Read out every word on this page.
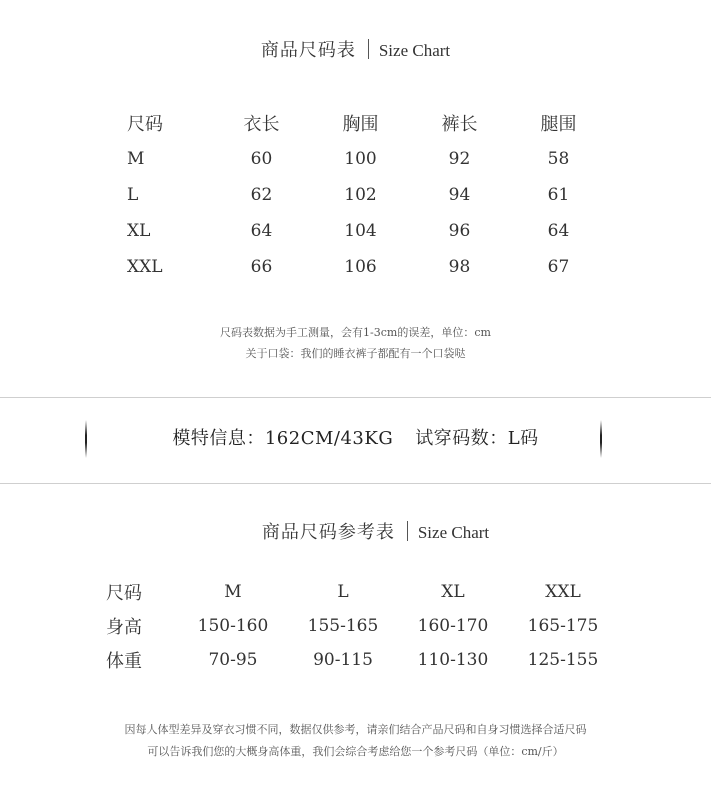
商品尺码表 Size Chart
尺码	衣长	胸围	裤长	腿围
M	60	100	92	58
L	62	102	94	61
XL	64	104	96	64
XXL	66	106	98	67
尺码表数据为手工测量，会有1-3cm的误差，单位：cm
关于口袋：我们的睡衣裤子都配有一个口袋哒
模特信息：162CM/43KG 试穿码数：L码
商品尺码参考表 Size Chart
尺码	M	L	XL	XXL
身高	150-160	155-165	160-170	165-175
体重	70-95	90-115	110-130	125-155
因每人体型差异及穿衣习惯不同，数据仅供参考，请亲们结合产品尺码和自身习惯选择合适尺码
可以告诉我们您的大概身高体重，我们会综合考虑给您一个参考尺码（单位：cm/斤）
